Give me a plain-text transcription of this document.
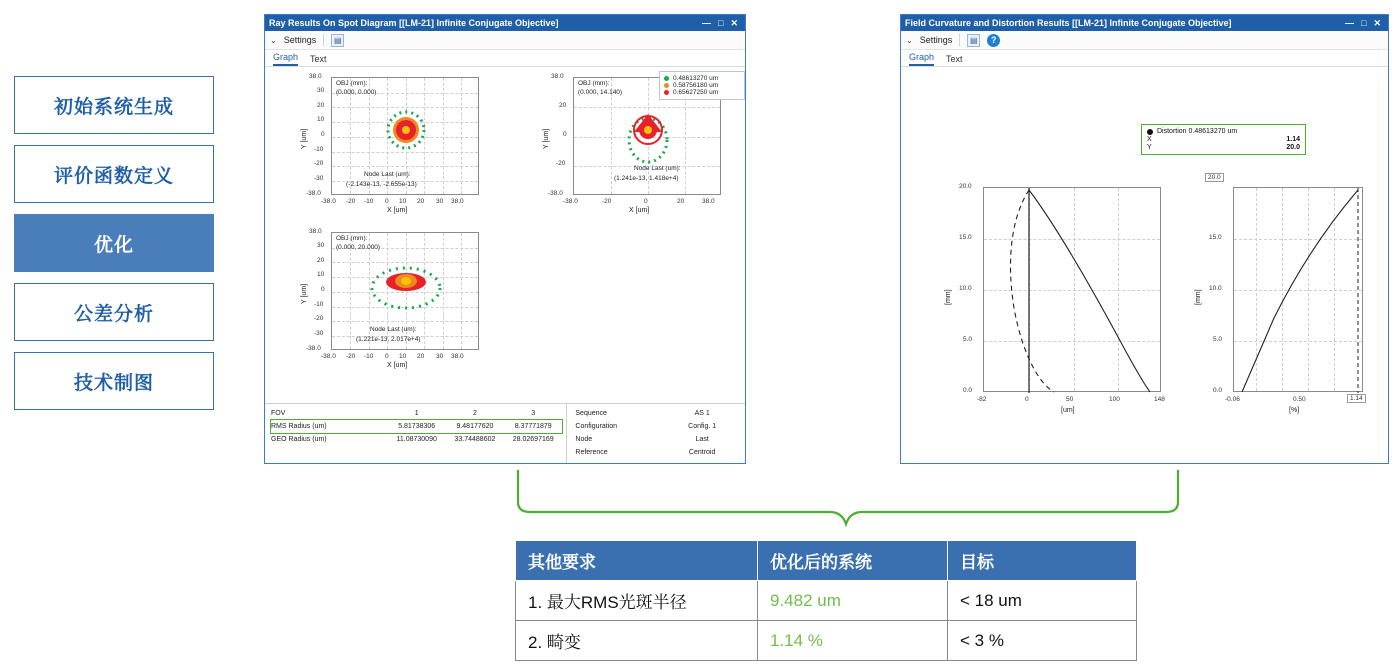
初始系统生成
评价函数定义
优化
公差分析
技术制图
Ray Results On Spot Diagram [[LM-21] Infinite Conjugate Objective]	— □ ✕
⌄ Settings	▤
Graph Text
OBJ (mm):
(0.000, 0.000)
Node Last (um):
(-2.143e-13, -2.655e-13)
38.0
30
20
10
0
-10
-20
-30
-38.0
-38.0 -20 -10 0 10 20 30 38.0
X [um]
Y [um]
OBJ (mm):
(0.000, 14.140)
Node Last (um):
(1.241e-13, 1.418e+4)
38.0
20
0
-20
-38.0
-38.0	-20	0	20	38.0
X [um]
Y [um]
0.48613270 um
0.58756180 um
0.65627250 um
OBJ (mm):
(0.000, 20.000)
Node Last (um):
(1.221e-13, 2.017e+4)
38.0
30
20
10
0
-10
-20
-30
-38.0
-38.0 -20 -10 0 10 20 30 38.0
X [um]
Y [um]
FOV	1	2	3
RMS Radius (um)	5.81738306	9.48177620	8.37771879
GEO Radius (um)	11.08730090	33.74488602	28.02697169
Sequence	AS 1
Configuration	Config. 1
Node	Last
Reference	Centroid
Field Curvature and Distortion Results [[LM-21] Infinite Conjugate Objective]	— □ ✕
⌄ Settings	▤	?
Graph Text
Distortion 0.48613270 um
X	1.14
Y	20.0
20.0
15.0
10.0
5.0
0.0
-82	0	50	100	148
[um]
[mm]
20.0
15.0
10.0
5.0
0.0
-0.06	0.50	1.14
[%]
[mm]
其他要求	优化后的系统	目标
1. 最大RMS光斑半径	9.482 um	< 18 um
2. 畸变	1.14 %	< 3 %
